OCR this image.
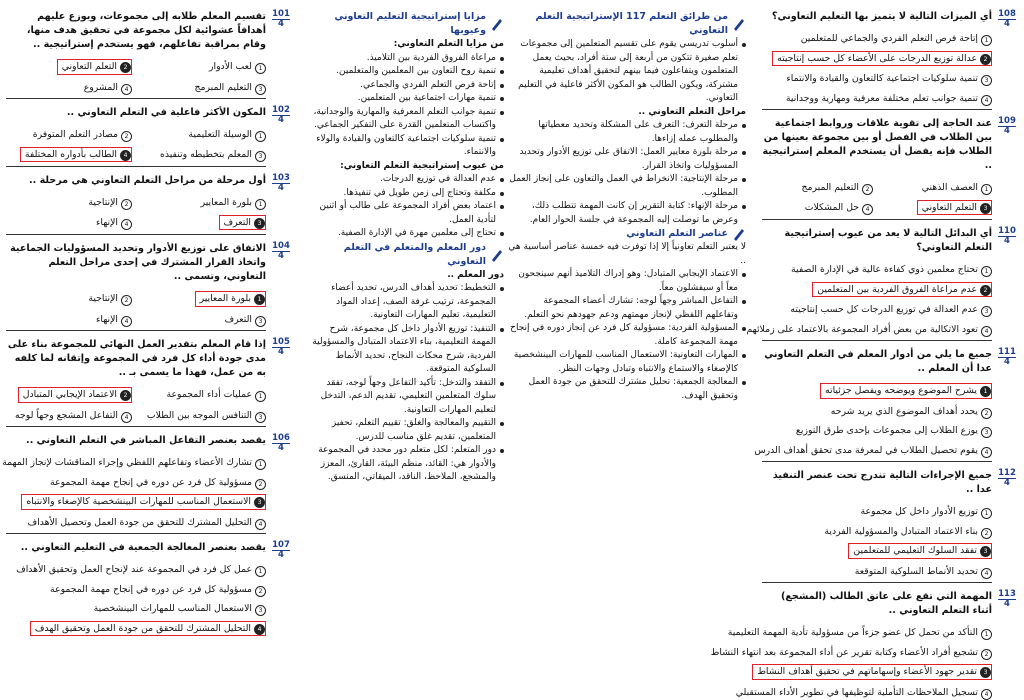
108
4
أي الميزات التالية لا يتميز بها التعليم التعاوني؟
1
إتاحة فرص التعلم الفردي والجماعي للمتعلمين
2
عدالة توزيع الدرجات على الأعضاء كل حسب إنتاجيته
3
تنمية سلوكيات اجتماعية كالتعاون والقيادة والانتماء
4
تنمية جوانب تعلم مختلفة معرفية ومهارية ووجدانية
109
4
عند الحاجة إلى تقوية علاقات وروابط اجتماعية بين الطلاب في الفصل أو بين مجموعة بعينها من الطلاب فإنه يفضل أن يستخدم المعلم إستراتيجية ..
1
العصف الذهني
2
التعليم المبرمج
3
التعلم التعاوني
4
حل المشكلات
110
4
أي البدائل التالية لا يعد من عيوب إستراتيجية التعلم التعاوني؟
1
تحتاج معلمين ذوي كفاءة عالية في الإدارة الصفية
2
عدم مراعاة الفروق الفردية بين المتعلمين
3
عدم العدالة في توزيع الدرجات كل حسب إنتاجيته
4
تعود الاتكالية من بعض أفراد المجموعة بالاعتماد على زملائهم
111
4
جميع ما يلي من أدوار المعلم في التعلم التعاوني عدا أن المعلم ..
1
يشرح الموضوع ويوضحه ويفصل جزئياته
2
يحدد أهداف الموضوع الذي يريد شرحه
3
يوزع الطلاب إلى مجموعات بإحدى طرق التوزيع
4
يقوم تحصيل الطلاب في لمعرفة مدى تحقق أهداف الدرس
112
4
جميع الإجراءات التالية تندرج تحت عنصر التنفيذ عدا ..
1
توزيع الأدوار داخل كل مجموعة
2
بناء الاعتماد المتبادل والمسؤولية الفردية
3
تفقد السلوك التعليمي للمتعلمين
4
تحديد الأنماط السلوكية المتوقعة
113
4
المهمة التي تقع على عاتق الطالب (المشجع) أثناء التعلم التعاوني ..
1
التأكد من تحمل كل عضو جزءاً من مسؤولية تأدية المهمة التعليمية
2
تشجيع أفراد الأعضاء وكتابة تقرير عن أداء المجموعة بعد انتهاء النشاط
3
تقدير جهود الأعضاء وإسهاماتهم في تحقيق أهداف النشاط
4
تسجيل الملاحظات التأملية لتوظيفها في تطوير الأداء المستقبلي
مزايا إستراتيجية التعليم التعاوني وعيوبها
من مزايا التعلم التعاوني:
مراعاة الفروق الفردية بين التلاميذ.
تنمية روح التعاون بين المعلمين والمتعلمين.
إتاحة فرص التعلم الفردي والجماعي.
تنمية مهارات اجتماعية بين المتعلمين.
تنمية جوانب التعلم المعرفية والمهارية والوجدانية، واكتساب المتعلمين القدرة على التفكير الجماعي.
تنمية سلوكيات اجتماعية كالتعاون والقيادة والولاء والانتماء.
من عيوب إستراتيجية التعلم التعاوني:
عدم العدالة في توزيع الدرجات.
مكلفة وتحتاج إلى زمن طويل في تنفيذها.
اعتماد بعض أفراد المجموعة على طالب أو اثنين لتأدية العمل.
تحتاج إلى معلمين مهرة في الإدارة الصفية.
دور المعلم والمتعلم في التعلم التعاوني
دور المعلم ..
التخطيط: تحديد أهداف الدرس، تحديد أعضاء المجموعة، ترتيب غرفة الصف، إعداد المواد التعليمية، تعليم المهارات التعاونية.
التنفيذ: توزيع الأدوار داخل كل مجموعة، شرح المهمة التعليمية، بناء الاعتماد المتبادل والمسؤولية الفردية، شرح محكات النجاح، تحديد الأنماط السلوكية المتوقعة.
التفقد والتدخل: تأكيد التفاعل وجهاً لوجه، تفقد سلوك المتعلمين التعليمي، تقديم الدعم، التدخل لتعليم المهارات التعاونية.
التقييم والمعالجة والغلق: تقييم التعلم، تحفيز المتعلمين، تقديم غلق مناسب للدرس.
دور المتعلم: لكل متعلم دور محدد في المجموعة والأدوار هي: القائد، منظم البيئة، القارئ، المعزز والمشجع، الملاحظ، الناقد، الميقاتي، المنسق.
من طرائق التعلم 117 الإستراتيجية التعلم التعاوني
أسلوب تدريسي يقوم على تقسيم المتعلمين إلى مجموعات تعلم صغيرة تتكون من أربعة إلى ستة أفراد، بحيث يعمل المتعلمون ويتفاعلون فيما بينهم لتحقيق أهداف تعليمية مشتركة، ويكون الطالب هو المكون الأكثر فاعلية في التعليم التعاوني.
مراحل التعلم التعاوني ..
مرحلة التعرف: التعرف على المشكلة وتحديد معطياتها والمطلوب عمله إزاءها.
مرحلة بلورة معايير العمل: الاتفاق على توزيع الأدوار وتحديد المسؤوليات واتخاذ القرار.
مرحلة الإنتاجية: الانخراط في العمل والتعاون على إنجاز العمل المطلوب.
مرحلة الإنهاء: كتابة التقرير إن كانت المهمة تتطلب ذلك، وعرض ما توصلت إليه المجموعة في جلسة الحوار العام.
عناصر التعلم التعاوني
لا يعتبر التعلم تعاونياً إلا إذا توفرت فيه خمسة عناصر أساسية هي ..
الاعتماد الإيجابي المتبادل: وهو إدراك التلاميذ أنهم سينجحون معاً أو سيفشلون معاً.
التفاعل المباشر وجهاً لوجه: تشارك أعضاء المجموعة وتفاعلهم اللفظي لإنجاز مهمتهم ودعم جهودهم نحو التعلم.
المسؤولية الفردية: مسؤولية كل فرد عن إنجاز دوره في إنجاح مهمة المجموعة كاملة.
المهارات التعاونية: الاستعمال المناسب للمهارات البينشخصية كالإصغاء والاستماع والانتباه وتبادل وجهات النظر.
المعالجة الجمعية: تحليل مشترك للتحقق من جودة العمل وتحقيق الهدف.
101
4
تقسيم المعلم طلابه إلى مجموعات، ويوزع عليهم أهدافاً عشوائية لكل مجموعة في تحقيق هدف منها، وقام بمراقبة تفاعلهم، فهو يستخدم إستراتيجية ..
1
لعب الأدوار
2
التعلم التعاوني
3
التعليم المبرمج
4
المشروع
102
4
المكون الأكثر فاعلية في التعلم التعاوني ..
1
الوسيلة التعليمية
2
مصادر التعلم المتوفرة
3
المعلم بتخطيطه وتنفيذه
4
الطالب بأدواره المختلفة
103
4
أول مرحلة من مراحل التعلم التعاوني هي مرحلة ..
1
بلورة المعايير
2
الإنتاجية
3
التعرف
4
الإنهاء
104
4
الاتفاق على توزيع الأدوار وتحديد المسؤوليات الجماعية واتخاذ القرار المشترك في إحدى مراحل التعلم التعاوني، وتسمى ..
1
بلورة المعايير
2
الإنتاجية
3
التعرف
4
الإنهاء
105
4
إذا قام المعلم بتقدير العمل النهائي للمجموعة بناء على مدى جودة أداء كل فرد في المجموعة وإتقانه لما كلفه به من عمل، فهذا ما يسمى بـ ..
1
عمليات أداء المجموعة
2
الاعتماد الإيجابي المتبادل
3
التنافس الموجه بين الطلاب
4
التفاعل المشجع وجهاً لوجه
106
4
يقصد بعنصر التفاعل المباشر في التعلم التعاوني ..
1
تشارك الأعضاء وتفاعلهم اللفظي وإجراء المناقشات لإنجاز المهمة
2
مسؤولية كل فرد عن دوره في إنجاح مهمة المجموعة
3
الاستعمال المناسب للمهارات البينشخصية كالإصغاء والانتباه
4
التحليل المشترك للتحقق من جودة العمل وتحصيل الأهداف
107
4
يقصد بعنصر المعالجة الجمعية في التعليم التعاوني ..
1
عمل كل فرد في المجموعة عند لإنجاح العمل وتحقيق الأهداف
2
مسؤولية كل فرد عن دوره في إنجاح مهمة المجموعة
3
الاستعمال المناسب للمهارات البينشخصية
4
التحليل المشترك للتحقق من جودة العمل وتحقيق الهدف
